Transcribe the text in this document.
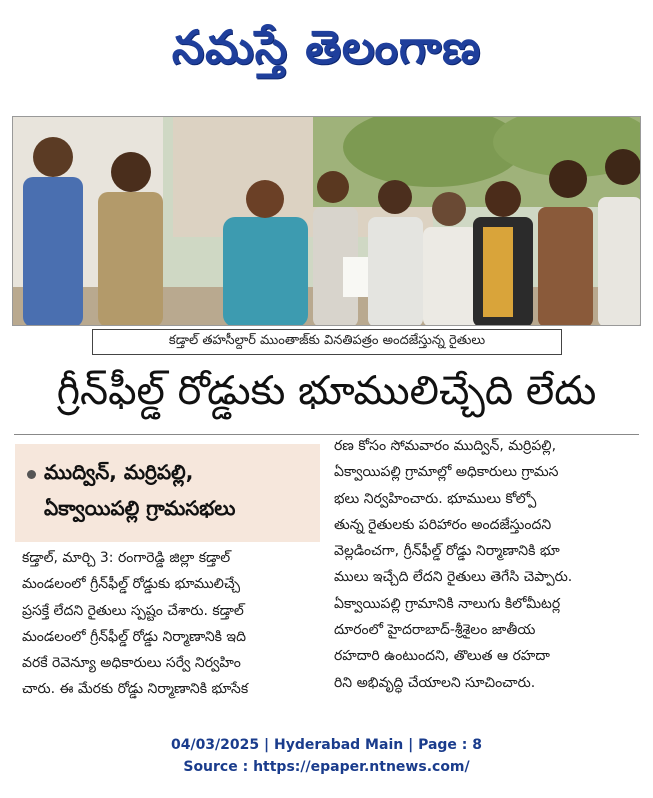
నమస్తే తెలంగాణ
కడ్తాల్ తహసీల్దార్ ముంతాజ్‌కు వినతిపత్రం అందజేస్తున్న రైతులు
గ్రీన్‌ఫీల్డ్ రోడ్డుకు భూములిచ్చేది లేదు
ముద్విన్, మర్రిపల్లి,
ఏక్వాయిపల్లి గ్రామసభలు
కడ్తాల్, మార్చి 3: రంగారెడ్డి జిల్లా కడ్తాల్
మండలంలో గ్రీన్‌ఫీల్డ్ రోడ్డుకు భూములిచ్చే
ప్రసక్తే లేదని రైతులు స్పష్టం చేశారు. కడ్తాల్
మండలంలో గ్రీన్‌ఫీల్డ్ రోడ్డు నిర్మాణానికి ఇది
వరకే రెవెన్యూ అధికారులు సర్వే నిర్వహిం
చారు. ఈ మేరకు రోడ్డు నిర్మాణానికి భూసేక
రణ కోసం సోమవారం ముద్విన్, మర్రిపల్లి,
ఏక్వాయిపల్లి గ్రామాల్లో అధికారులు గ్రామస
భలు నిర్వహించారు. భూములు కోల్పో
తున్న రైతులకు పరిహారం అందజేస్తుందని
వెల్లడించగా, గ్రీన్‌ఫీల్డ్ రోడ్డు నిర్మాణానికి భూ
ములు ఇచ్చేది లేదని రైతులు తెగేసి చెప్పారు.
ఏక్వాయిపల్లి గ్రామానికి నాలుగు కిలోమీటర్ల
దూరంలో హైదరాబాద్-శ్రీశైలం జాతీయ
రహదారి ఉంటుందని, తొలుత ఆ రహదా
రిని అభివృద్ధి చేయాలని సూచించారు.
04/03/2025 | Hyderabad Main | Page : 8
Source : https://epaper.ntnews.com/
